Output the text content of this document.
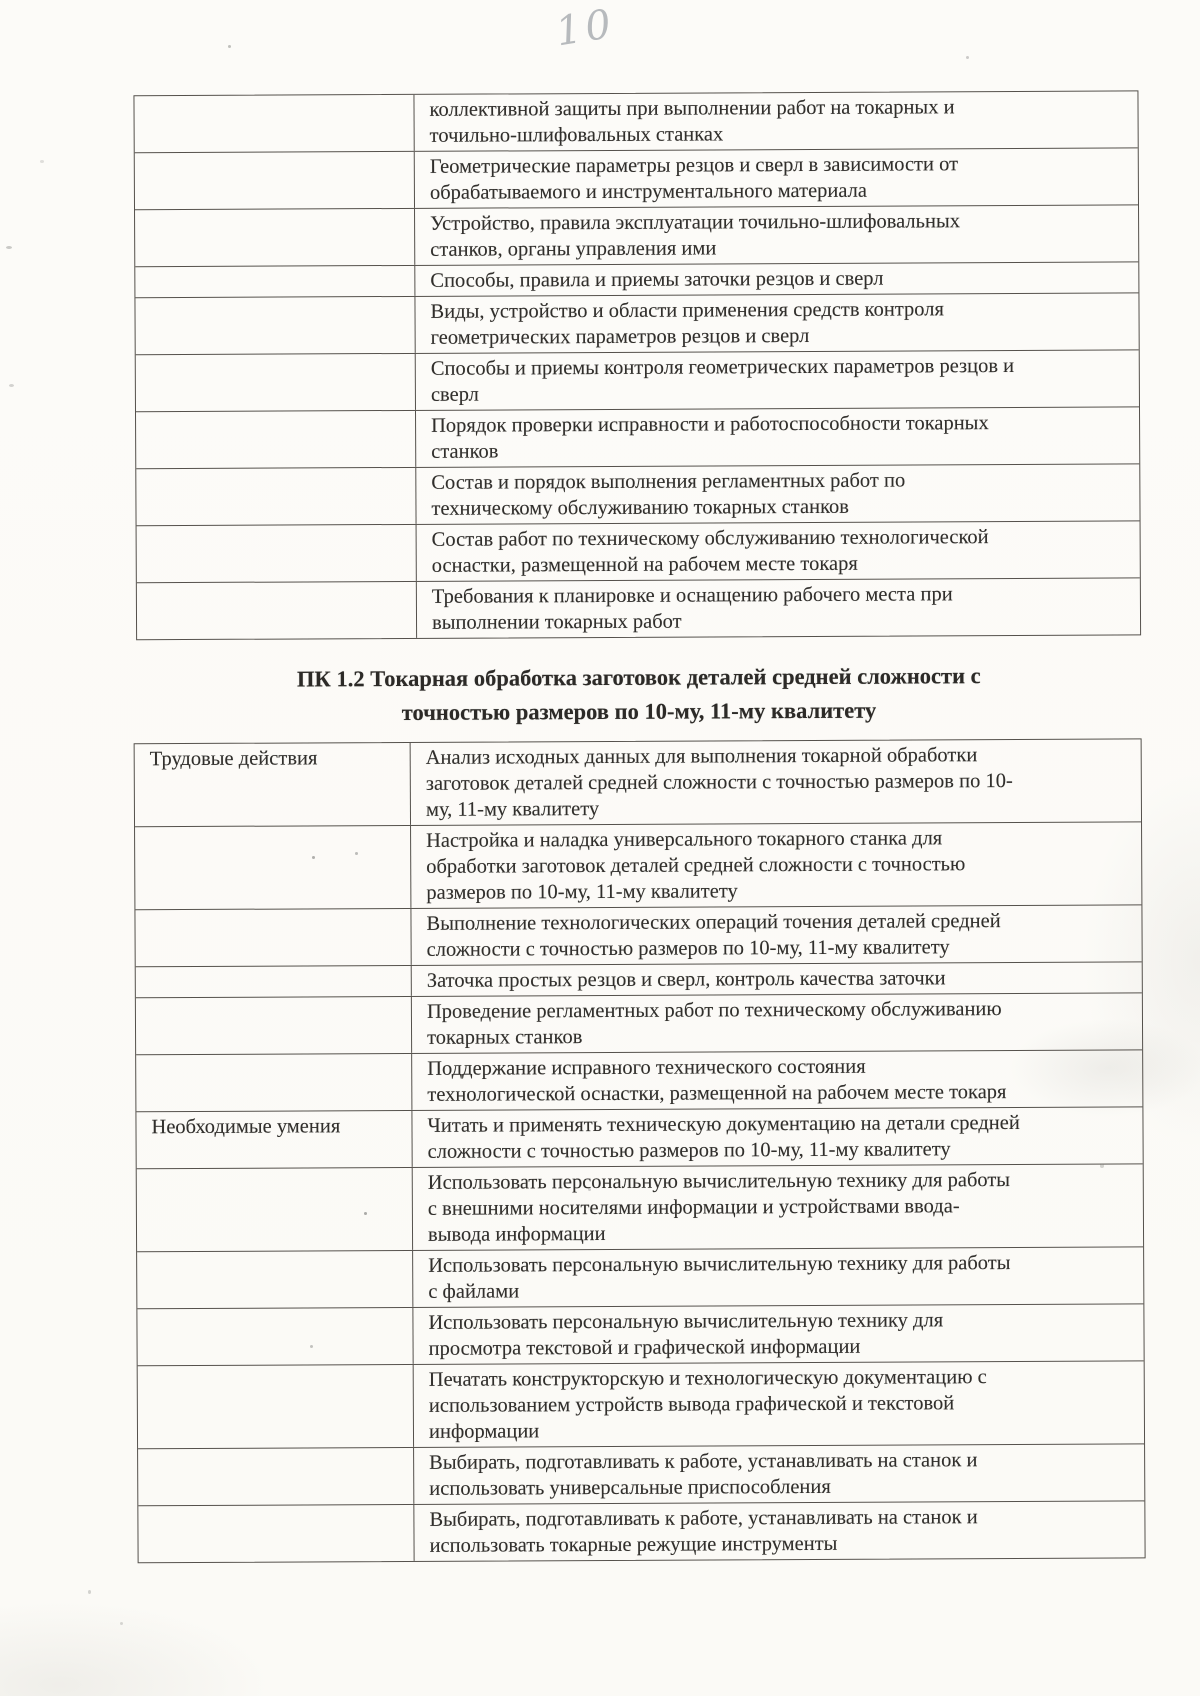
10
коллективной защиты при выполнении работ на токарных и
точильно-шлифовальных станках
Геометрические параметры резцов и сверл в зависимости от
обрабатываемого и инструментального материала
Устройство, правила эксплуатации точильно-шлифовальных
станков, органы управления ими
Способы, правила и приемы заточки резцов и сверл
Виды, устройство и области применения средств контроля
геометрических параметров резцов и сверл
Способы и приемы контроля геометрических параметров резцов и
сверл
Порядок проверки исправности и работоспособности токарных
станков
Состав и порядок выполнения регламентных работ по
техническому обслуживанию токарных станков
Состав работ по техническому обслуживанию технологической
оснастки, размещенной на рабочем месте токаря
Требования к планировке и оснащению рабочего места при
выполнении токарных работ
ПК 1.2 Токарная обработка заготовок деталей средней сложности с
точностью размеров по 10-му, 11-му квалитету
Трудовые действия	Анализ исходных данных для выполнения токарной обработки
заготовок деталей средней сложности с точностью размеров по 10-
му, 11-му квалитету
Настройка и наладка универсального токарного станка для
обработки заготовок деталей средней сложности с точностью
размеров по 10-му, 11-му квалитету
Выполнение технологических операций точения деталей средней
сложности с точностью размеров по 10-му, 11-му квалитету
Заточка простых резцов и сверл, контроль качества заточки
Проведение регламентных работ по техническому обслуживанию
токарных станков
Поддержание исправного технического состояния
технологической оснастки, размещенной на рабочем месте токаря
Необходимые умения	Читать и применять техническую документацию на детали средней
сложности с точностью размеров по 10-му, 11-му квалитету
Использовать персональную вычислительную технику для работы
с внешними носителями информации и устройствами ввода-
вывода информации
Использовать персональную вычислительную технику для работы
с файлами
Использовать персональную вычислительную технику для
просмотра текстовой и графической информации
Печатать конструкторскую и технологическую документацию с
использованием устройств вывода графической и текстовой
информации
Выбирать, подготавливать к работе, устанавливать на станок и
использовать универсальные приспособления
Выбирать, подготавливать к работе, устанавливать на станок и
использовать токарные режущие инструменты
